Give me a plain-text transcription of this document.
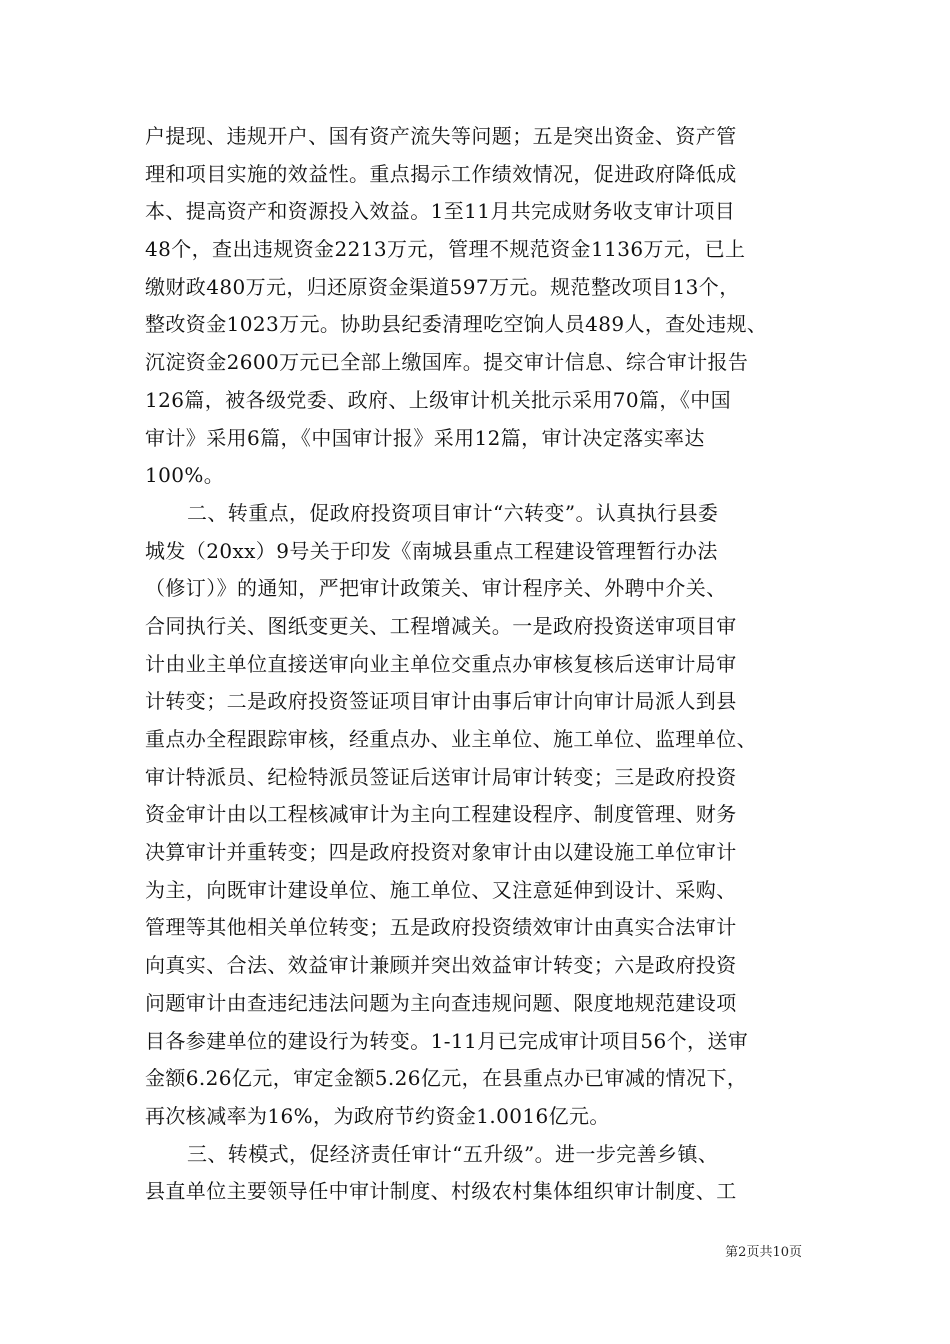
户提现、违规开户、国有资产流失等问题；五是突出资金、资产管
理和项目实施的效益性。重点揭示工作绩效情况，促进政府降低成
本、提高资产和资源投入效益。1至11月共完成财务收支审计项目
48个，查出违规资金2213万元，管理不规范资金1136万元，已上
缴财政480万元，归还原资金渠道597万元。规范整改项目13个，
整改资金1023万元。协助县纪委清理吃空饷人员489人，查处违规、
沉淀资金2600万元已全部上缴国库。提交审计信息、综合审计报告
126篇，被各级党委、政府、上级审计机关批示采用70篇，《中国
审计》采用6篇，《中国审计报》采用12篇，审计决定落实率达
100%。
二、转重点，促政府投资项目审计“六转变”。认真执行县委
城发（20xx）9号关于印发《南城县重点工程建设管理暂行办法
（修订）》的通知，严把审计政策关、审计程序关、外聘中介关、
合同执行关、图纸变更关、工程增减关。一是政府投资送审项目审
计由业主单位直接送审向业主单位交重点办审核复核后送审计局审
计转变；二是政府投资签证项目审计由事后审计向审计局派人到县
重点办全程跟踪审核，经重点办、业主单位、施工单位、监理单位、
审计特派员、纪检特派员签证后送审计局审计转变；三是政府投资
资金审计由以工程核减审计为主向工程建设程序、制度管理、财务
决算审计并重转变；四是政府投资对象审计由以建设施工单位审计
为主，向既审计建设单位、施工单位、又注意延伸到设计、采购、
管理等其他相关单位转变；五是政府投资绩效审计由真实合法审计
向真实、合法、效益审计兼顾并突出效益审计转变；六是政府投资
问题审计由查违纪违法问题为主向查违规问题、限度地规范建设项
目各参建单位的建设行为转变。1-11月已完成审计项目56个，送审
金额6.26亿元，审定金额5.26亿元，在县重点办已审减的情况下，
再次核减率为16%，为政府节约资金1.0016亿元。
三、转模式，促经济责任审计“五升级”。进一步完善乡镇、
县直单位主要领导任中审计制度、村级农村集体组织审计制度、工
第2页共10页
